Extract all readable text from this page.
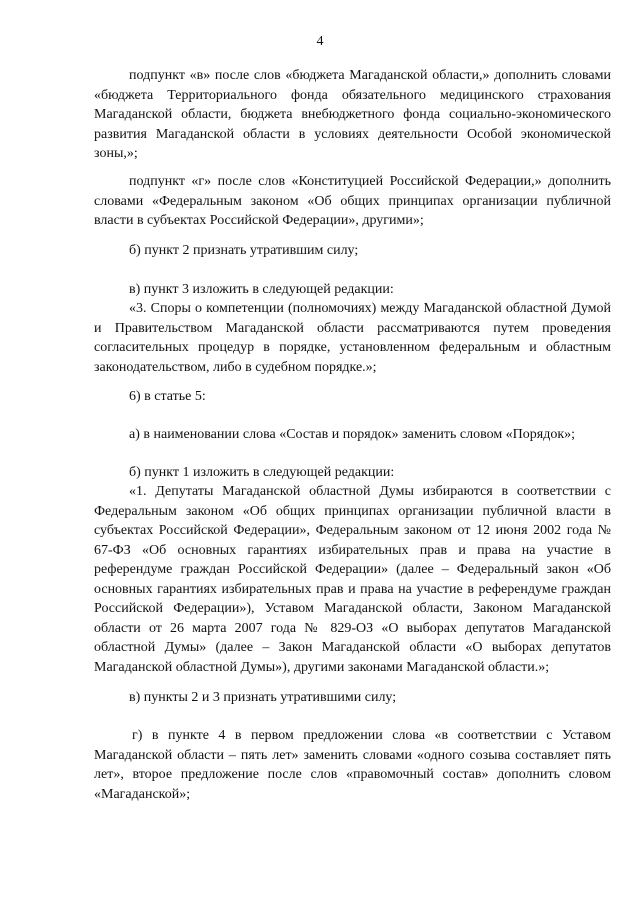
4

подпункт «в» после слов «бюджета Магаданской области,» дополнить словами «бюджета Территориального фонда обязательного медицинского страхования Магаданской области, бюджета внебюджетного фонда социально-экономического развития Магаданской области в условиях деятельности Особой экономической зоны,»;

подпункт «г» после слов «Конституцией Российской Федерации,» дополнить словами «Федеральным законом «Об общих принципах организации публичной власти в субъектах Российской Федерации», другими»;

б) пункт 2 признать утратившим силу;

в) пункт 3 изложить в следующей редакции:

«3. Споры о компетенции (полномочиях) между Магаданской областной Думой и Правительством Магаданской области рассматриваются путем проведения согласительных процедур в порядке, установленном федеральным и областным законодательством, либо в судебном порядке.»;

6) в статье 5:

а) в наименовании слова «Состав и порядок» заменить словом «Порядок»;

б) пункт 1 изложить в следующей редакции:

«1. Депутаты Магаданской областной Думы избираются в соответствии с Федеральным законом «Об общих принципах организации публичной власти в субъектах Российской Федерации», Федеральным законом от 12 июня 2002 года № 67-ФЗ «Об основных гарантиях избирательных прав и права на участие в референдуме граждан Российской Федерации» (далее – Федеральный закон «Об основных гарантиях избирательных прав и права на участие в референдуме граждан Российской Федерации»), Уставом Магаданской области, Законом Магаданской области от 26 марта 2007 года № 829-ОЗ «О выборах депутатов Магаданской областной Думы» (далее – Закон Магаданской области «О выборах депутатов Магаданской областной Думы»), другими законами Магаданской области.»;

в) пункты 2 и 3 признать утратившими силу;

г) в пункте 4 в первом предложении слова «в соответствии с Уставом Магаданской области – пять лет» заменить словами «одного созыва составляет пять лет», второе предложение после слов «правомочный состав» дополнить словом «Магаданской»;
